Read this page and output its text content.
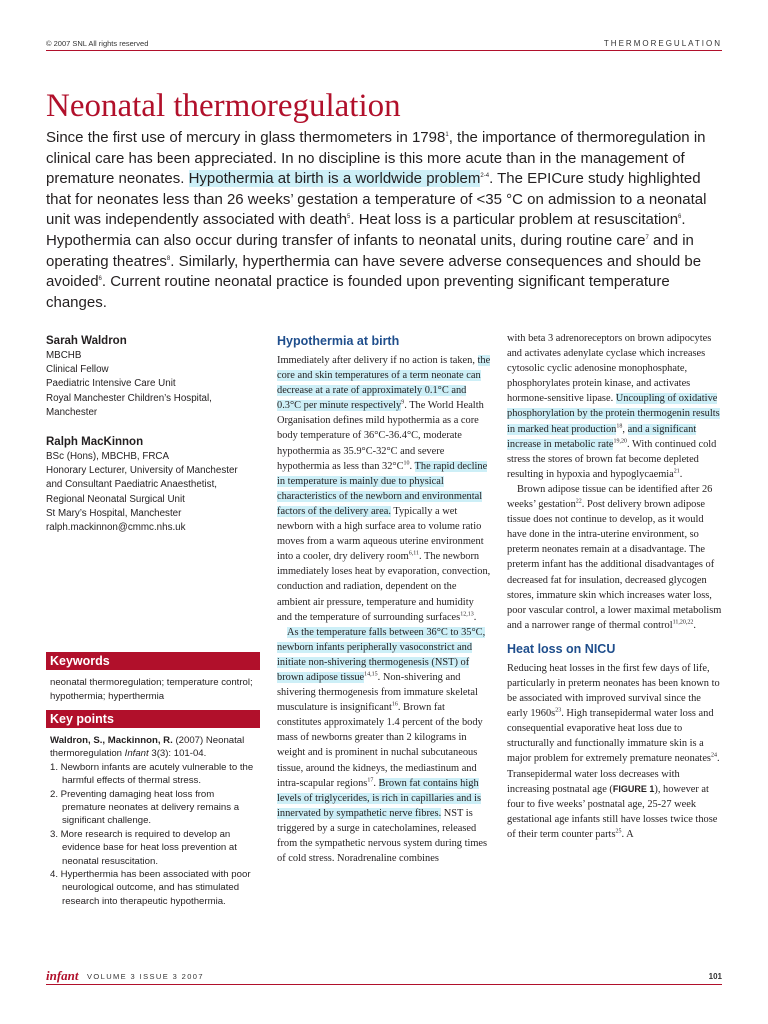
© 2007 SNL All rights reserved	THERMOREGULATION
Neonatal thermoregulation

Since the first use of mercury in glass thermometers in 1798$^1$, the importance of thermoregulation in clinical care has been appreciated. In no discipline is this more acute than in the management of premature neonates. Hypothermia at birth is a worldwide problem$^{2-4}$. The EPICure study highlighted that for neonates less than 26 weeks’ gestation a temperature of <35 °C on admission to a neonatal unit was independently associated with death$^5$. Heat loss is a particular problem at resuscitation$^6$. Hypothermia can also occur during transfer of infants to neonatal units, during routine care$^7$ and in operating theatres$^8$. Similarly, hyperthermia can have severe adverse consequences and should be avoided$^6$. Current routine neonatal practice is founded upon preventing significant temperature changes.

Sarah Waldron
MBCHB
Clinical Fellow
Paediatric Intensive Care Unit
Royal Manchester Children’s Hospital, Manchester
Ralph MacKinnon
BSc (Hons), MBCHB, FRCA
Honorary Lecturer, University of Manchester and Consultant Paediatric Anaesthetist, Regional Neonatal Surgical Unit
St Mary’s Hospital, Manchester
ralph.mackinnon@cmmc.nhs.uk
Keywords
neonatal thermoregulation; temperature control; hypothermia; hyperthermia
Key points
Waldron, S., Mackinnon, R. (2007) Neonatal thermoregulation Infant 3(3): 101-04.
1. Newborn infants are acutely vulnerable to the harmful effects of thermal stress.
2. Preventing damaging heat loss from premature neonates at delivery remains a significant challenge.
3. More research is required to develop an evidence base for heat loss prevention at neonatal resuscitation.
4. Hyperthermia has been associated with poor neurological outcome, and has stimulated research into therapeutic hypothermia.
Hypothermia at birth

Immediately after delivery if no action is taken, the core and skin temperatures of a term neonate can decrease at a rate of approximately 0.1°C and 0.3°C per minute respectively$^9$. The World Health Organisation defines mild hypothermia as a core body temperature of 36°C-36.4°C, moderate hypothermia as 35.9°C-32°C and severe hypothermia as less than $32^\circ C^{10}$. The rapid decline in temperature is mainly due to physical characteristics of the newborn and environmental factors of the delivery area. Typically a wet newborn with a high surface area to volume ratio moves from a warm aqueous uterine environment into a cooler, dry delivery room$^{6,11}$. The newborn immediately loses heat by evaporation, convection, conduction and radiation, dependent on the ambient air pressure, temperature and humidity and the temperature of surrounding surfaces$^{12,13}$.

As the temperature falls between 36°C to 35°C, newborn infants peripherally vasoconstrict and initiate non-shivering thermogenesis (NST) of brown adipose tissue$^{14,15}$. Non-shivering and shivering thermogenesis from immature skeletal musculature is insignificant$^{16}$. Brown fat constitutes approximately 1.4 percent of the body mass of newborns greater than 2 kilograms in weight and is prominent in nuchal subcutaneous tissue, around the kidneys, the mediastinum and intra-scapular regions$^{17}$. Brown fat contains high levels of triglycerides, is rich in capillaries and is innervated by sympathetic nerve fibres. NST is triggered by a surge in catecholamines, released from the sympathetic nervous system during times of cold stress. Noradrenaline combines

with beta 3 adrenoreceptors on brown adipocytes and activates adenylate cyclase which increases cytosolic cyclic adenosine monophosphate, phosphorylates protein kinase, and activates hormone-sensitive lipase. Uncoupling of oxidative phosphorylation by the protein thermogenin results in marked heat production$^{18}$, and a significant increase in metabolic rate$^{19,20}$. With continued cold stress the stores of brown fat become depleted resulting in hypoxia and hypoglycaemia$^{21}$.

Brown adipose tissue can be identified after 26 weeks’ gestation$^{22}$. Post delivery brown adipose tissue does not continue to develop, as it would have done in the intra-uterine environment, so preterm neonates remain at a disadvantage. The preterm infant has the additional disadvantages of decreased fat for insulation, decreased glycogen stores, immature skin which increases water loss, poor vascular control, a lower maximal metabolism and a narrower range of thermal control$^{11,20,22}$.

Heat loss on NICU

Reducing heat losses in the first few days of life, particularly in preterm neonates has been known to be associated with improved survival since the early $1960s^{23}$. High transepidermal water loss and consequential evaporative heat loss due to structurally and functionally immature skin is a major problem for extremely premature neonates$^{24}$. Transepidermal water loss decreases with increasing postnatal age (FIGURE 1), however at four to five weeks’ postnatal age, 25-27 week gestational age infants still have losses twice those of their term counter parts$^{25}$. A

infant VOLUME 3 ISSUE 3 2007	101
